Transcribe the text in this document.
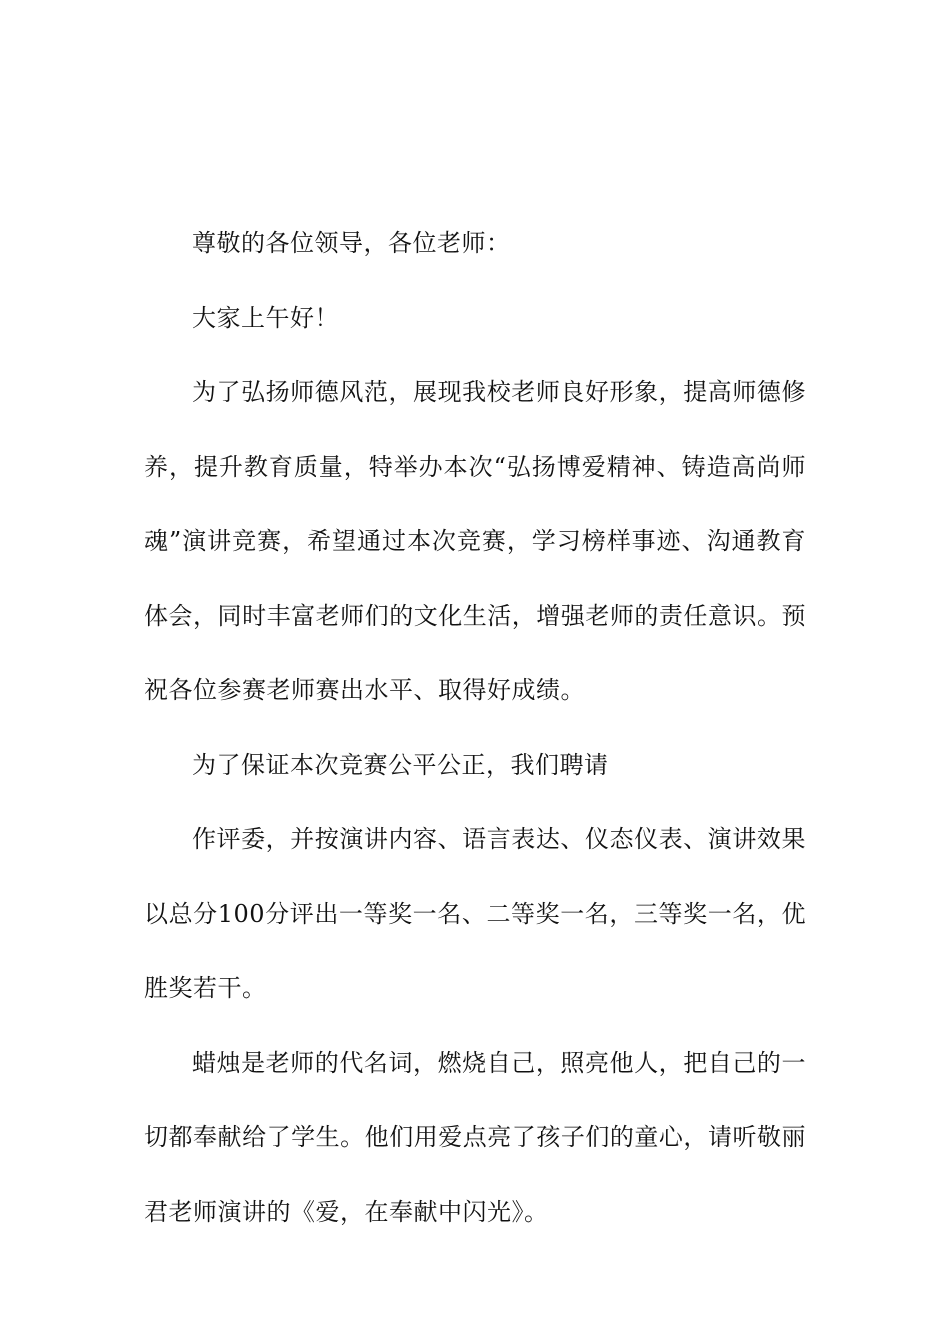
尊敬的各位领导，各位老师：

大家上午好！

为了弘扬师德风范，展现我校老师良好形象，提高师德修养，提升教育质量，特举办本次“弘扬博爱精神、铸造高尚师魂”演讲竞赛，希望通过本次竞赛，学习榜样事迹、沟通教育体会，同时丰富老师们的文化生活，增强老师的责任意识。预祝各位参赛老师赛出水平、取得好成绩。

为了保证本次竞赛公平公正，我们聘请

作评委，并按演讲内容、语言表达、仪态仪表、演讲效果以总分100分评出一等奖一名、二等奖一名，三等奖一名，优胜奖若干。

蜡烛是老师的代名词，燃烧自己，照亮他人，把自己的一切都奉献给了学生。他们用爱点亮了孩子们的童心，请听敬丽君老师演讲的《爱，在奉献中闪光》。
